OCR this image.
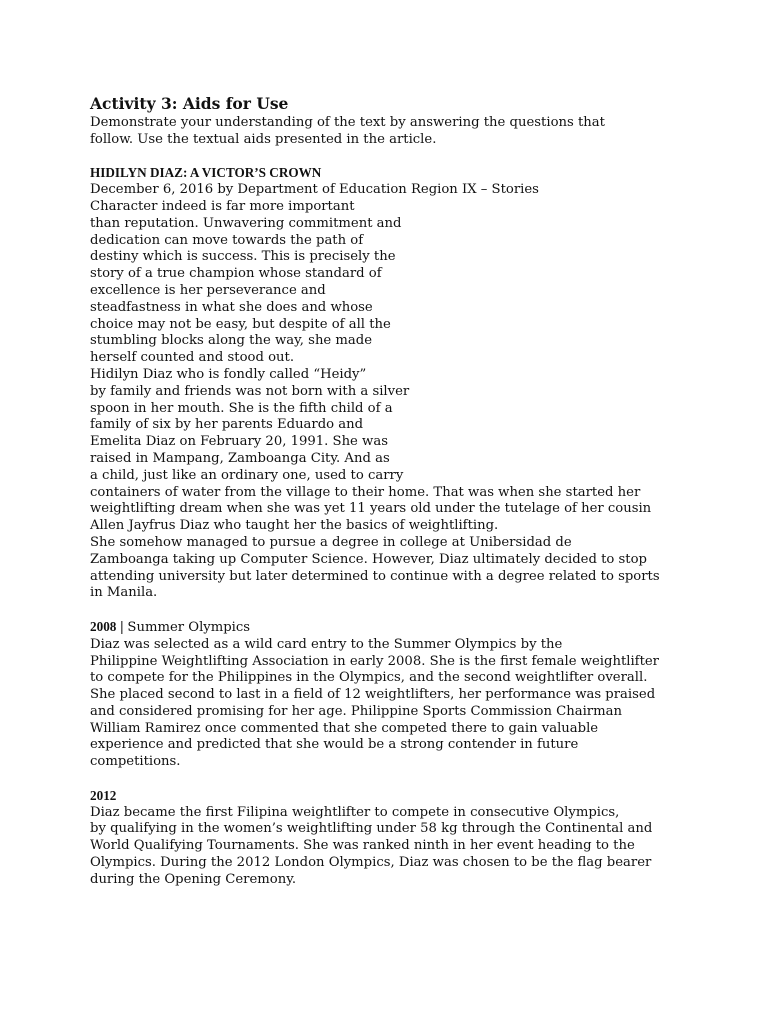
Activity 3: Aids for Use
Demonstrate your understanding of the text by answering the questions that
follow. Use the textual aids presented in the article.
HIDILYN DIAZ: A VICTOR’S CROWN
December 6, 2016 by Department of Education Region IX – Stories
Character indeed is far more important
than reputation. Unwavering commitment and
dedication can move towards the path of
destiny which is success. This is precisely the
story of a true champion whose standard of
excellence is her perseverance and
steadfastness in what she does and whose
choice may not be easy, but despite of all the
stumbling blocks along the way, she made
herself counted and stood out.
Hidilyn Diaz who is fondly called “Heidy”
by family and friends was not born with a silver
spoon in her mouth. She is the fifth child of a
family of six by her parents Eduardo and
Emelita Diaz on February 20, 1991. She was
raised in Mampang, Zamboanga City. And as
a child, just like an ordinary one, used to carry
containers of water from the village to their home. That was when she started her
weightlifting dream when she was yet 11 years old under the tutelage of her cousin
Allen Jayfrus Diaz who taught her the basics of weightlifting.
She somehow managed to pursue a degree in college at Unibersidad de
Zamboanga taking up Computer Science. However, Diaz ultimately decided to stop
attending university but later determined to continue with a degree related to sports
in Manila.
2008 | Summer Olympics
Diaz was selected as a wild card entry to the Summer Olympics by the
Philippine Weightlifting Association in early 2008. She is the first female weightlifter
to compete for the Philippines in the Olympics, and the second weightlifter overall.
She placed second to last in a field of 12 weightlifters, her performance was praised
and considered promising for her age. Philippine Sports Commission Chairman
William Ramirez once commented that she competed there to gain valuable
experience and predicted that she would be a strong contender in future
competitions.
2012
Diaz became the first Filipina weightlifter to compete in consecutive Olympics,
by qualifying in the women’s weightlifting under 58 kg through the Continental and
World Qualifying Tournaments. She was ranked ninth in her event heading to the
Olympics. During the 2012 London Olympics, Diaz was chosen to be the flag bearer
during the Opening Ceremony.
